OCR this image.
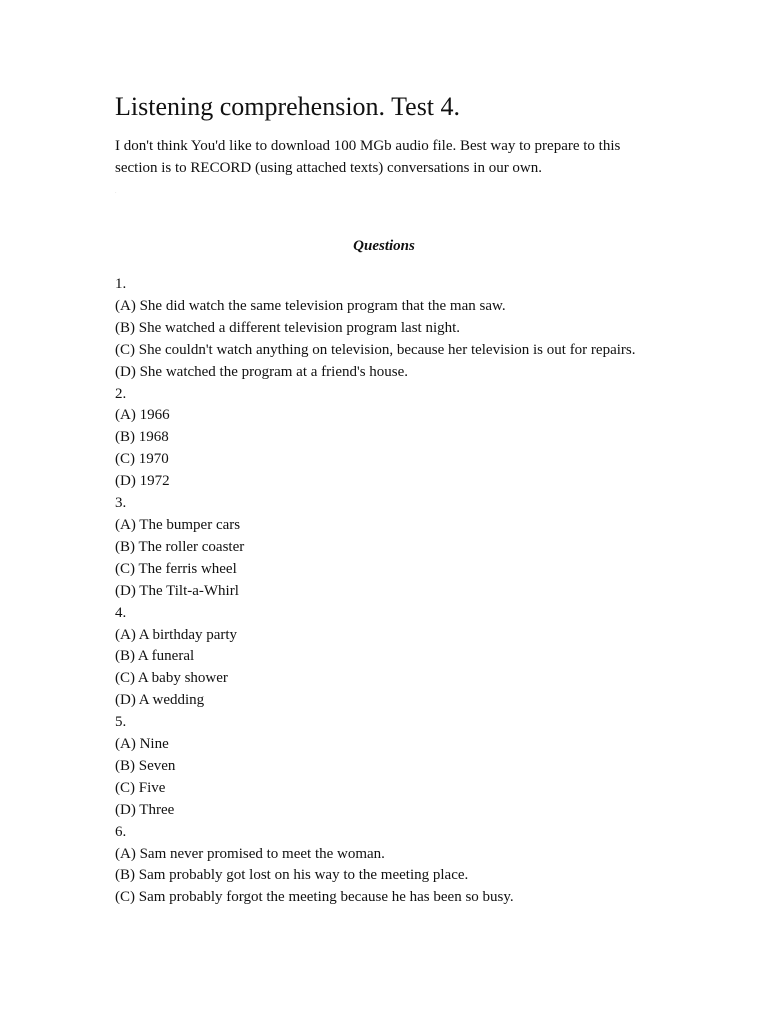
Listening comprehension. Test 4.

I don't think You'd like to download 100 MGb audio file. Best way to prepare to this section is to RECORD (using attached texts) conversations in our own.

.
Questions
1.
(A) She did watch the same television program that the man saw.
(B) She watched a different television program last night.
(C) She couldn't watch anything on television, because her television is out for repairs.
(D) She watched the program at a friend's house.
2.
(A) 1966
(B) 1968
(C) 1970
(D) 1972
3.
(A) The bumper cars
(B) The roller coaster
(C) The ferris wheel
(D) The Tilt-a-Whirl
4.
(A) A birthday party
(B) A funeral
(C) A baby shower
(D) A wedding
5.
(A) Nine
(B) Seven
(C) Five
(D) Three
6.
(A) Sam never promised to meet the woman.
(B) Sam probably got lost on his way to the meeting place.
(C) Sam probably forgot the meeting because he has been so busy.
